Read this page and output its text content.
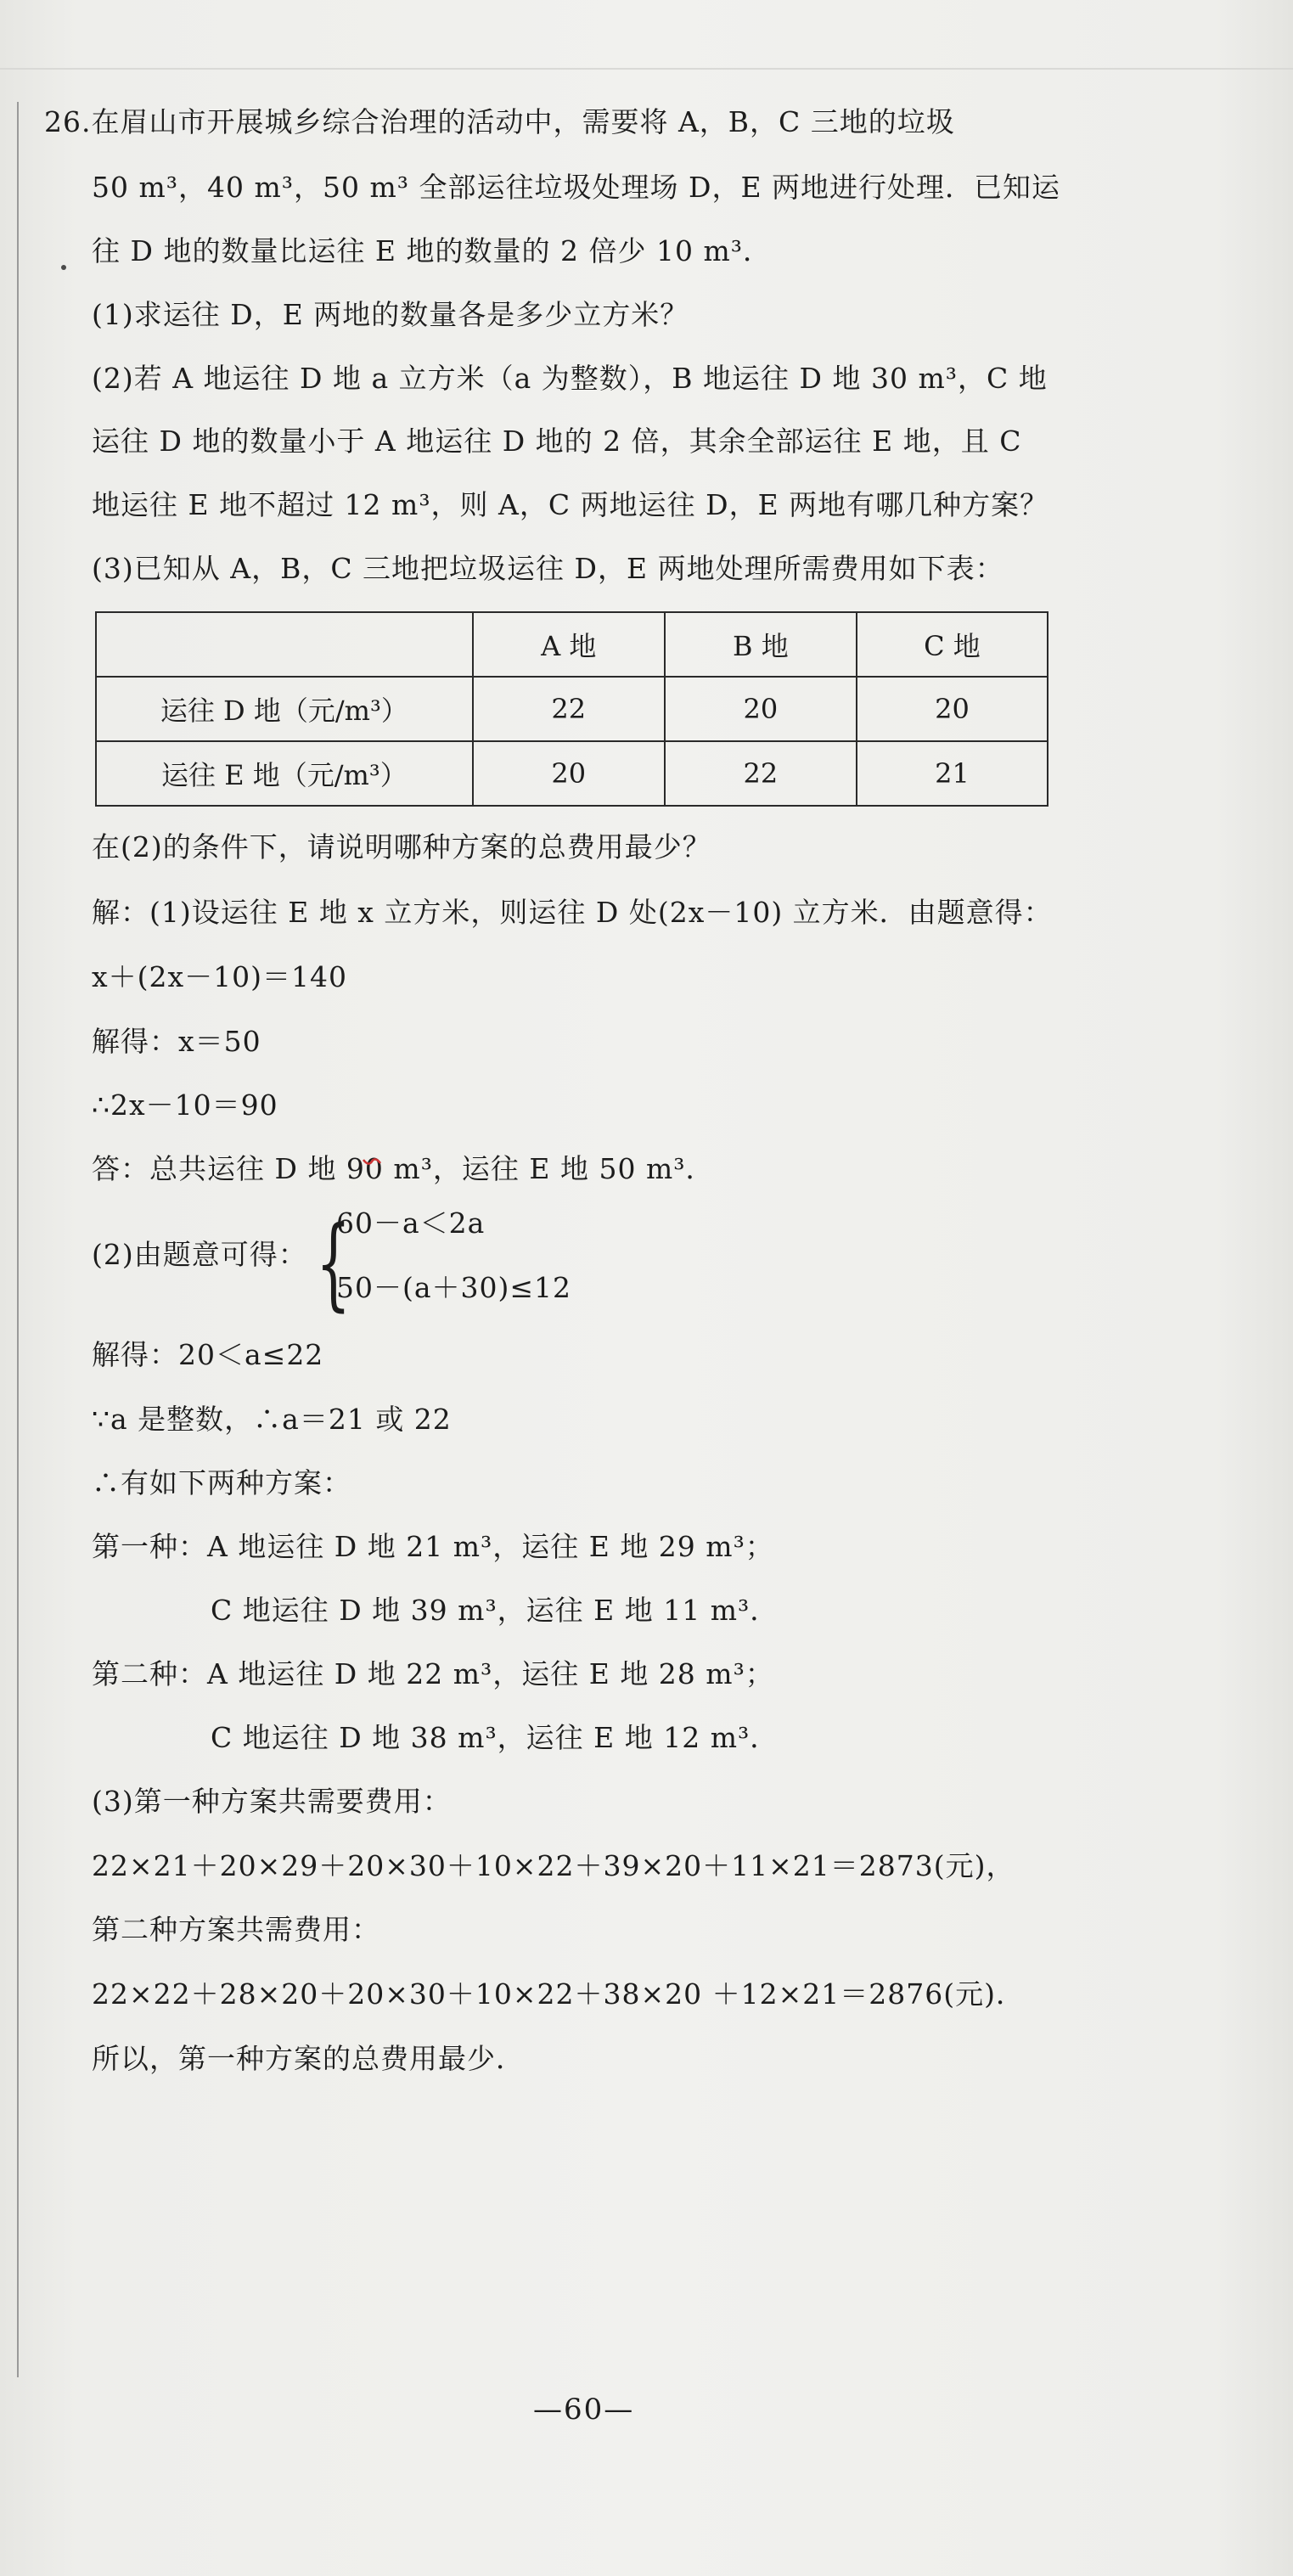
26.在眉山市开展城乡综合治理的活动中，需要将 A，B，C 三地的垃圾
50 m³，40 m³，50 m³ 全部运往垃圾处理场 D，E 两地进行处理．已知运
往 D 地的数量比运往 E 地的数量的 2 倍少 10 m³．
(1)求运往 D，E 两地的数量各是多少立方米？
(2)若 A 地运往 D 地 a 立方米（a 为整数），B 地运往 D 地 30 m³，C 地
运往 D 地的数量小于 A 地运往 D 地的 2 倍，其余全部运往 E 地，且 C
地运往 E 地不超过 12 m³，则 A，C 两地运往 D，E 两地有哪几种方案？
(3)已知从 A，B，C 三地把垃圾运往 D，E 两地处理所需费用如下表：
	A 地	B 地	C 地
运往 D 地（元/m³）	22	20	20
运往 E 地（元/m³）	20	22	21
在(2)的条件下，请说明哪种方案的总费用最少？
解：(1)设运往 E 地 x 立方米，则运往 D 处(2x－10) 立方米．由题意得：
x＋(2x－10)＝140
解得：x＝50
∴2x－10＝90
答：总共运往 D 地 90 m³，运往 E 地 50 m³．
(2)由题意可得： {
60－a＜2a
50－(a＋30)≤12
解得：20＜a≤22
∵a 是整数，∴a＝21 或 22
∴有如下两种方案：
第一种：A 地运往 D 地 21 m³，运往 E 地 29 m³；
C 地运往 D 地 39 m³，运往 E 地 11 m³．
第二种：A 地运往 D 地 22 m³，运往 E 地 28 m³；
C 地运往 D 地 38 m³，运往 E 地 12 m³．
(3)第一种方案共需要费用：
22×21＋20×29＋20×30＋10×22＋39×20＋11×21＝2873(元)，
第二种方案共需费用：
22×22＋28×20＋20×30＋10×22＋38×20 ＋12×21＝2876(元)．
所以，第一种方案的总费用最少．
—60—
